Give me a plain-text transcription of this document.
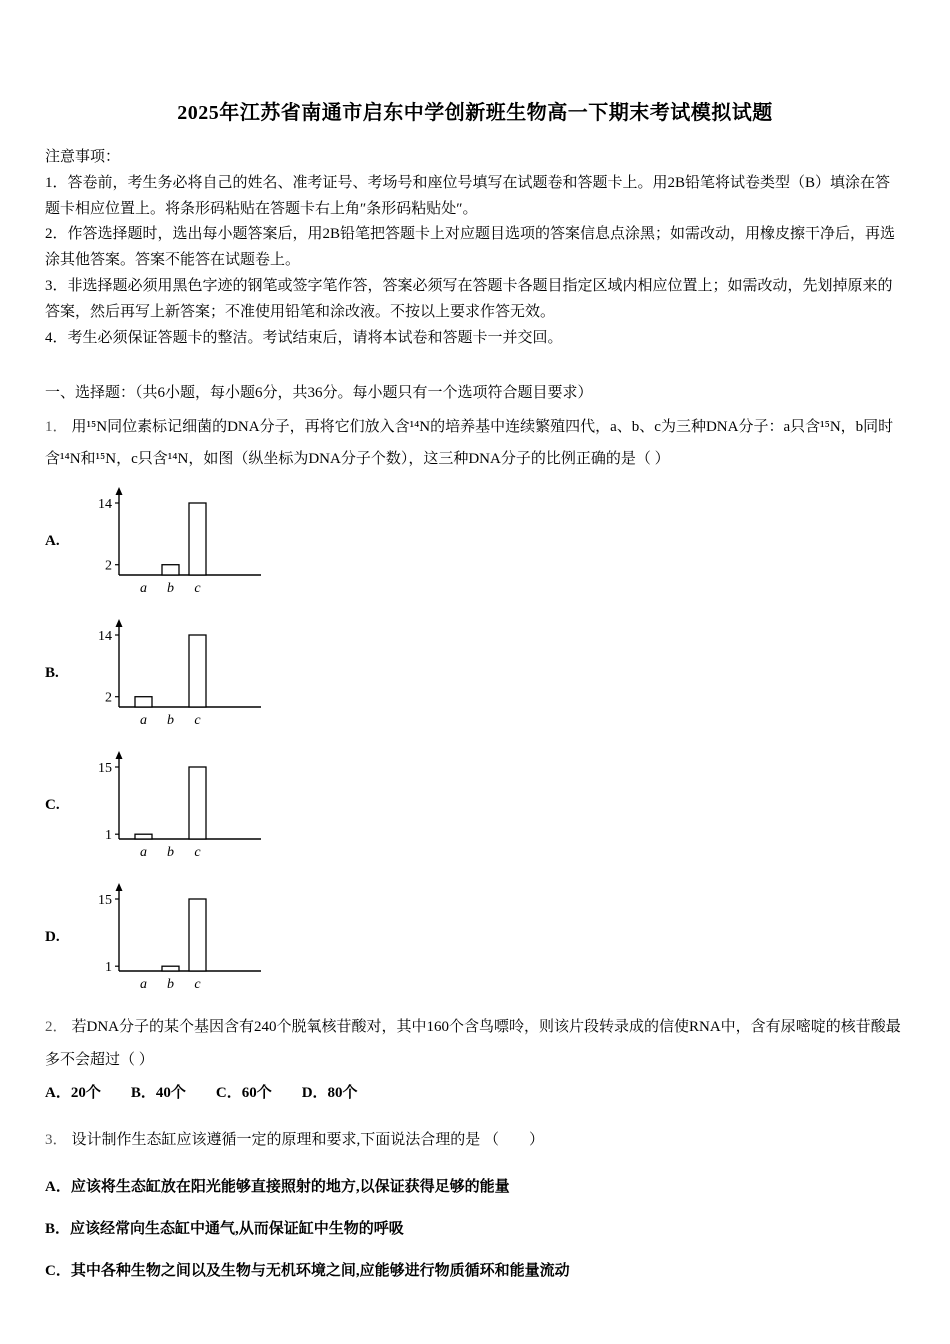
2025年江苏省南通市启东中学创新班生物高一下期末考试模拟试题

注意事项：

1．答卷前，考生务必将自己的姓名、准考证号、考场号和座位号填写在试题卷和答题卡上。用2B铅笔将试卷类型（B）填涂在答题卡相应位置上。将条形码粘贴在答题卡右上角″条形码粘贴处″。

2．作答选择题时，选出每小题答案后，用2B铅笔把答题卡上对应题目选项的答案信息点涂黑；如需改动，用橡皮擦干净后，再选涂其他答案。答案不能答在试题卷上。

3．非选择题必须用黑色字迹的钢笔或签字笔作答，答案必须写在答题卡各题目指定区域内相应位置上；如需改动，先划掉原来的答案，然后再写上新答案；不准使用铅笔和涂改液。不按以上要求作答无效。

4．考生必须保证答题卡的整洁。考试结束后，请将本试卷和答题卡一并交回。

一、选择题：（共6小题，每小题6分，共36分。每小题只有一个选项符合题目要求）

1． 用¹⁵N同位素标记细菌的DNA分子，再将它们放入含¹⁴N的培养基中连续繁殖四代，a、b、c为三种DNA分子：a只含¹⁵N，b同时含¹⁴N和¹⁵N，c只含¹⁴N，如图（纵坐标为DNA分子个数），这三种DNA分子的比例正确的是（ ）

A.
2
14
a b c
B.
2
14
a b c
C.
1
15
a b c
D.
1
15
a b c

2． 若DNA分子的某个基因含有240个脱氧核苷酸对，其中160个含鸟嘌呤，则该片段转录成的信使RNA中，含有尿嘧啶的核苷酸最多不会超过（ ）

A．20个 B．40个 C．60个 D．80个

3． 设计制作生态缸应该遵循一定的原理和要求,下面说法合理的是 （　　）

A．应该将生态缸放在阳光能够直接照射的地方,以保证获得足够的能量
B．应该经常向生态缸中通气,从而保证缸中生物的呼吸
C．其中各种生物之间以及生物与无机环境之间,应能够进行物质循环和能量流动
